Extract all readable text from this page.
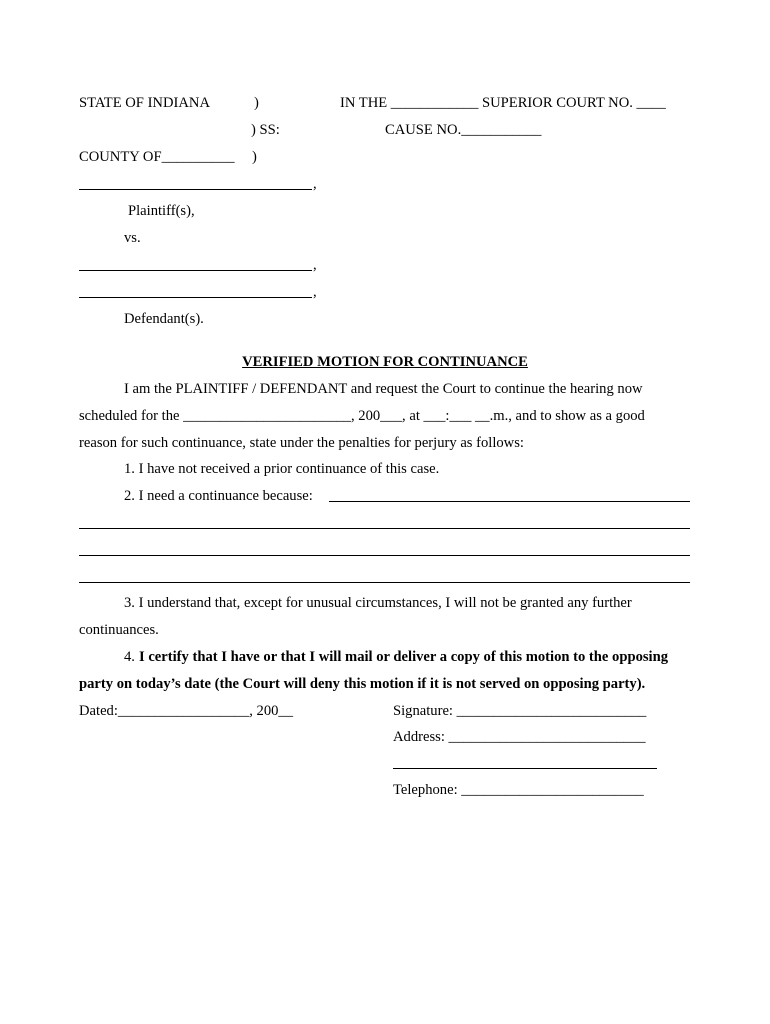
STATE OF INDIANA	)	IN THE ____________ SUPERIOR COURT NO. ____
) SS:	CAUSE NO.___________
COUNTY OF__________ )
,
Plaintiff(s),
vs.
,
,
Defendant(s).
VERIFIED MOTION FOR CONTINUANCE
I am the PLAINTIFF / DEFENDANT and request the Court to continue the hearing now
scheduled for the _______________________, 200___, at ___:___ __.m., and to show as a good
reason for such continuance, state under the penalties for perjury as follows:
1. I have not received a prior continuance of this case.
2. I need a continuance because:
3. I understand that, except for unusual circumstances, I will not be granted any further
continuances.
4. I certify that I have or that I will mail or deliver a copy of this motion to the opposing
party on today’s date (the Court will deny this motion if it is not served on opposing party).
Dated:__________________, 200__	Signature: __________________________
Address: ___________________________
Telephone: _________________________
